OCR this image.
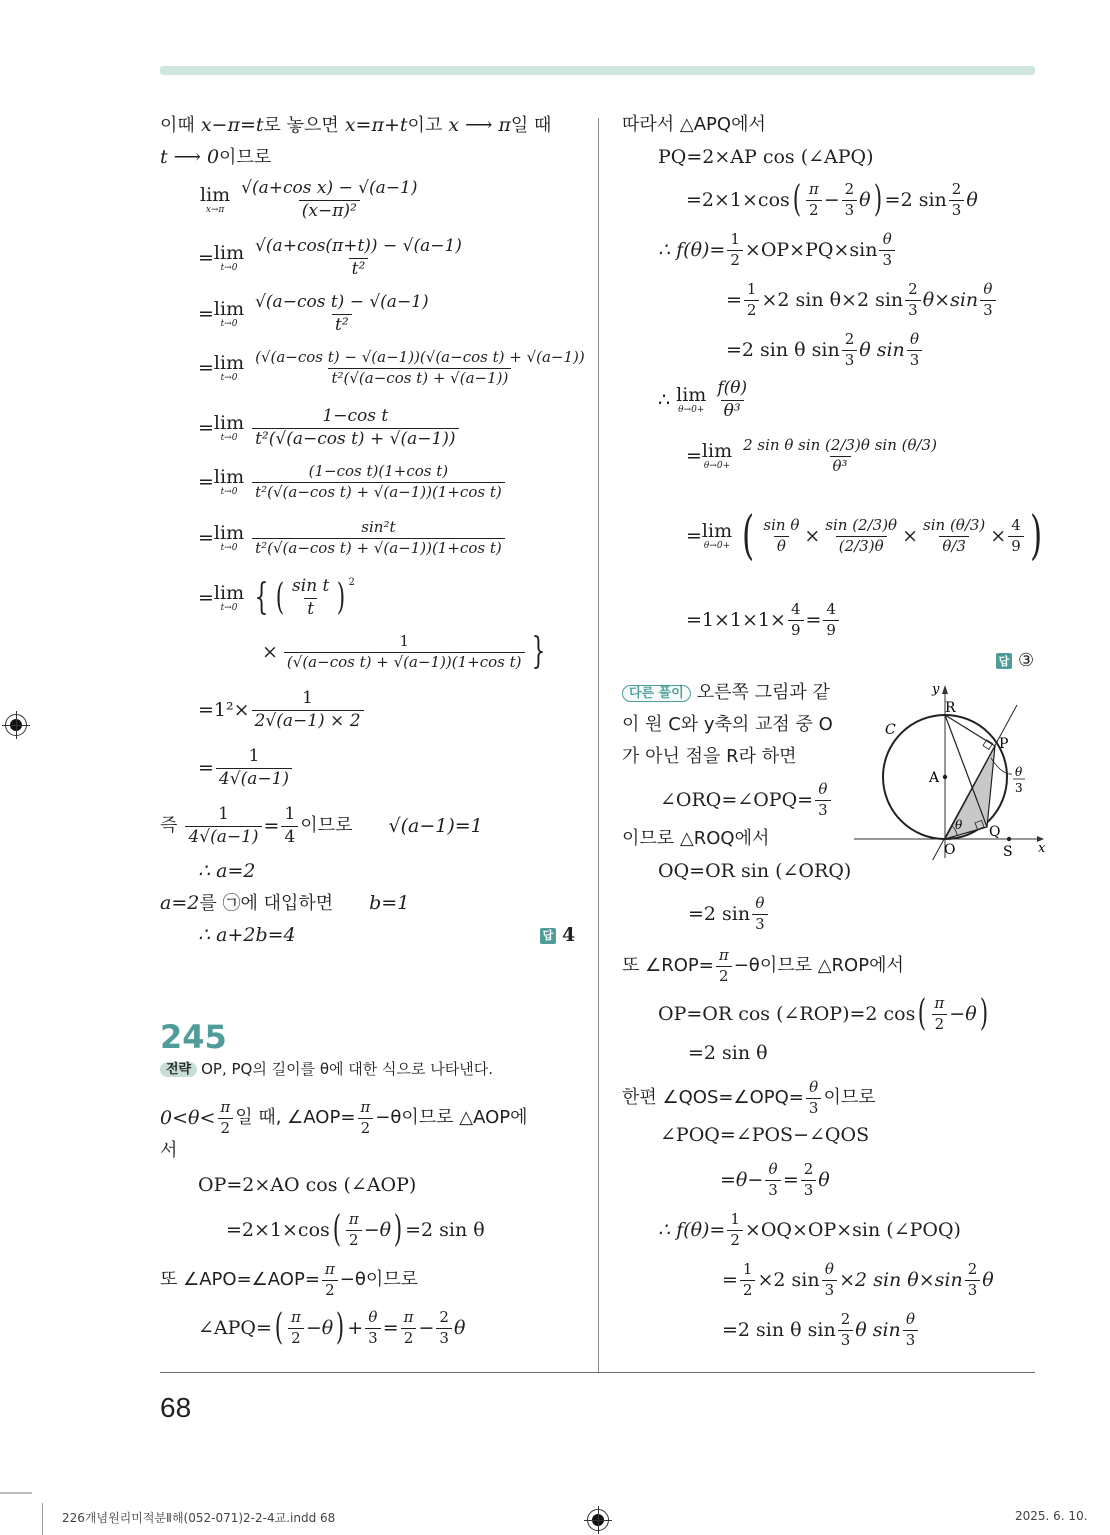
이때
x−π=t 로 놓으면
x=π+t 이고
x ⟶ π 일 때
t ⟶ 0 이므로
lim
$x\to\pi \frac{\text{√(a+cos x) − √(a−1)}}{\text{(x−π)²}}$
= lim
$t\to 0 \frac{√(a+\cos(\pi+t)) - √(a-1)}{\text{t²}}$
= lim
$t\to 0 \frac{\text{√(a−cos t) − √(a−1)}}{\text{t²}}$
= lim
$t\to 0 \frac{\text{(√(a−cos t) − √(a−1))(√(a−cos t) + √(a−1))}}{\text{t²(√(a−cos t) + √(a−1))}}$
= lim
$t\to 0 \frac{\text{1−cos t}}{\text{t²(√(a−cos t) + √(a−1))}}$
= lim
$t\to 0 \frac{\text{(1−cos t)(1+cos t)}}{\text{t²(√(a−cos t) + √(a−1))(1+cos t)}}$
= lim
$t\to 0 \frac{\text{sin²t}}{\text{t²(√(a−cos t) + √(a−1))(1+cos t)}}$
= lim
t→0 { ( $\frac{\text{sin t}}{t}$ ) $^2$
× $\frac{1}{\text{(√(a−cos t) + √(a−1))(1+cos t)}}$ }
$=1^2\times \frac{1}{2√(a-1) \times 2}$
= $\frac{1}{4√(a-1)}$
즉
$\frac{1}{4√(a-1)} = \frac{1}{4}$ 이므로 √(a−1)=1
∴ a=2
a=2 를 ㉠에 대입하면 b=1
∴ a+2b=4	답 4
245
전략 OP, PQ의 길이를 θ에 대한 식으로 나타낸다.
$0<\theta< \frac{\pi}{2}$ 일 때, ∠AOP= $\frac{\pi}{2} -\theta$이므로 △AOP에
서
OP=2×AO cos (∠AOP)
=2×1×cos ( $\frac{\pi}{2} -\theta$ ) =2 sin θ
또 ∠APO=∠AOP= $\frac{\pi}{2} -\theta$이므로
∠APQ= ( $\frac{\pi}{2} -\theta$ ) + $\frac{\theta}{3} = \frac{\pi}{2} - \frac{2}{3}$ θ
따라서 △APQ에서
PQ=2×AP cos (∠APQ)
=2×1×cos ( $\frac{\pi}{2} - \frac{2}{3}$ θ ) =2 $\sin \frac{2}{3}$ θ
∴ $f(\theta)= \frac{1}{2} \times OP\times PQ\times\sin \frac{\theta}{3}$
= $\frac{1}{2} \times 2$ sin θ×2 $\sin \frac{2}{3} \theta\times\sin \frac{\theta}{3}$
=2 sin θ $\sin \frac{2}{3}$ θ $\sin \frac{\theta}{3}$
∴
lim
$\theta\to 0+ \frac{f(\theta)}{\text{θ³}}$
= lim
$\theta\to 0+ \frac{\text{2 sin θ sin (2/3)θ sin (θ/3)}}{\text{θ³}}$
= lim
θ→0+ ( $\frac{\text{sin θ}}{\theta} \times \frac{\sin (2/3)\theta}{(2/3)\theta} \times \frac{\sin (\theta/3)}{\theta/3} \times \frac{4}{9}$ )
$=1\times 1\times 1\times \frac{4}{9} = \frac{4}{9}$
답 ③
다른 풀이 오른쪽 그림과 같
이 원 C와 y축의 교점 중 O
가 아닌 점을 R라 하면
∠ORQ=∠OPQ= $\frac{\theta}{3}$
이므로 △ROQ에서
OQ=OR sin (∠ORQ)
=2 $\sin \frac{\theta}{3}$
또 ∠ROP= $\frac{\pi}{2} -\theta$이므로 △ROP에서
OP=OR cos (∠ROP)=2 cos ( $\frac{\pi}{2} -\theta$ )
=2 sin θ
한편 ∠QOS=∠OPQ= $\frac{\theta}{3}$ 이므로
∠POQ=∠POS−∠QOS
$=\theta- \frac{\theta}{3} = \frac{2}{3}$ θ
∴ $f(\theta)= \frac{1}{2} \times OQ\times OP\times\sin$ (∠POQ)
= $\frac{1}{2} \times 2$ $\sin \frac{\theta}{3} \times 2$ $\sin \theta\times\sin \frac{2}{3}$ θ
=2 sin θ $\sin \frac{2}{3}$ θ $\sin \frac{\theta}{3}$
y
x
R
C
P
A
Q
O	S
θ
θ
3
68
226개념원리미적분Ⅱ해(052-071)2-2-4교.indd 68	2025. 6. 10.
